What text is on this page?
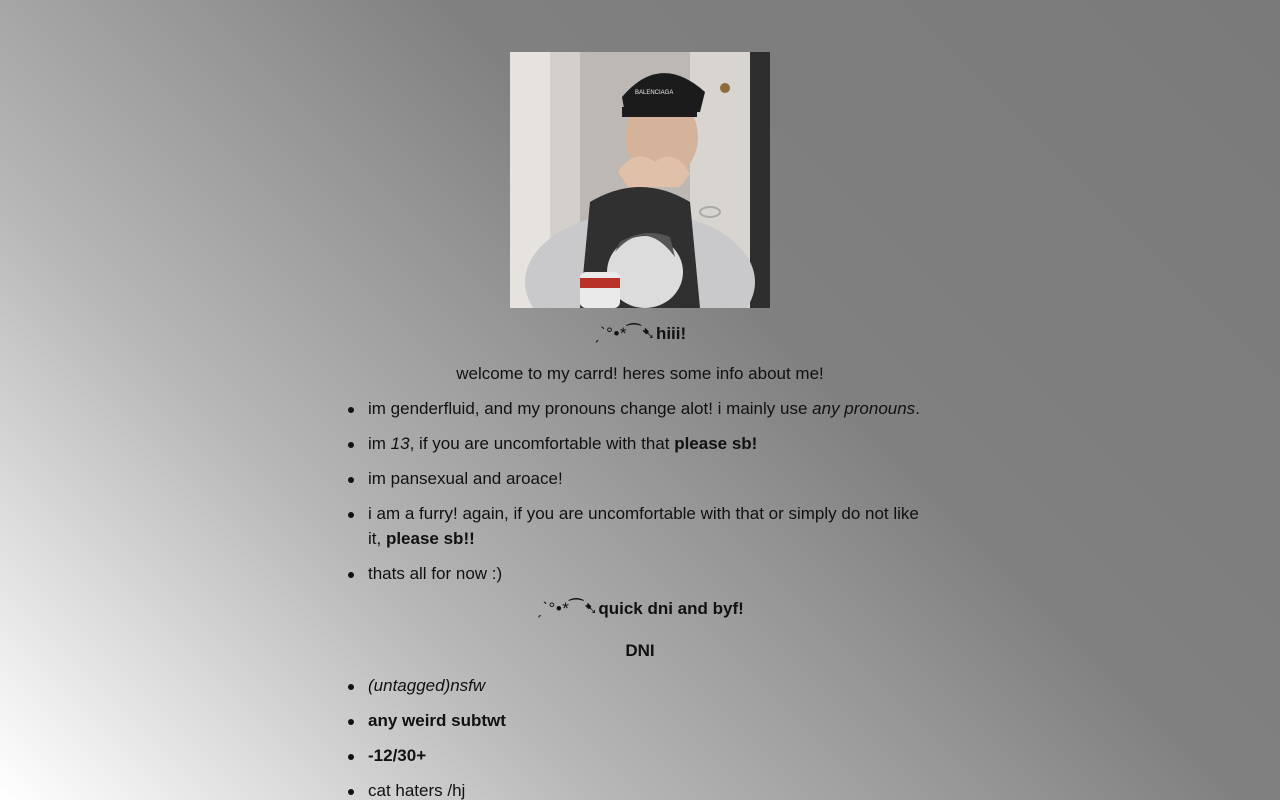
BALENCIAGA
ˏˋ°•*⁀➷hiii!

welcome to my carrd! heres some info about me!

im genderfluid, and my pronouns change alot! i mainly use any pronouns.
im 13, if you are uncomfortable with that please sb!
im pansexual and aroace!
i am a furry! again, if you are uncomfortable with that or simply do not like it, please sb!!
thats all for now :)
ˏˋ°•*⁀➷quick dni and byf!
DNI
(untagged)nsfw
any weird subtwt
-12/30+
cat haters /hj
